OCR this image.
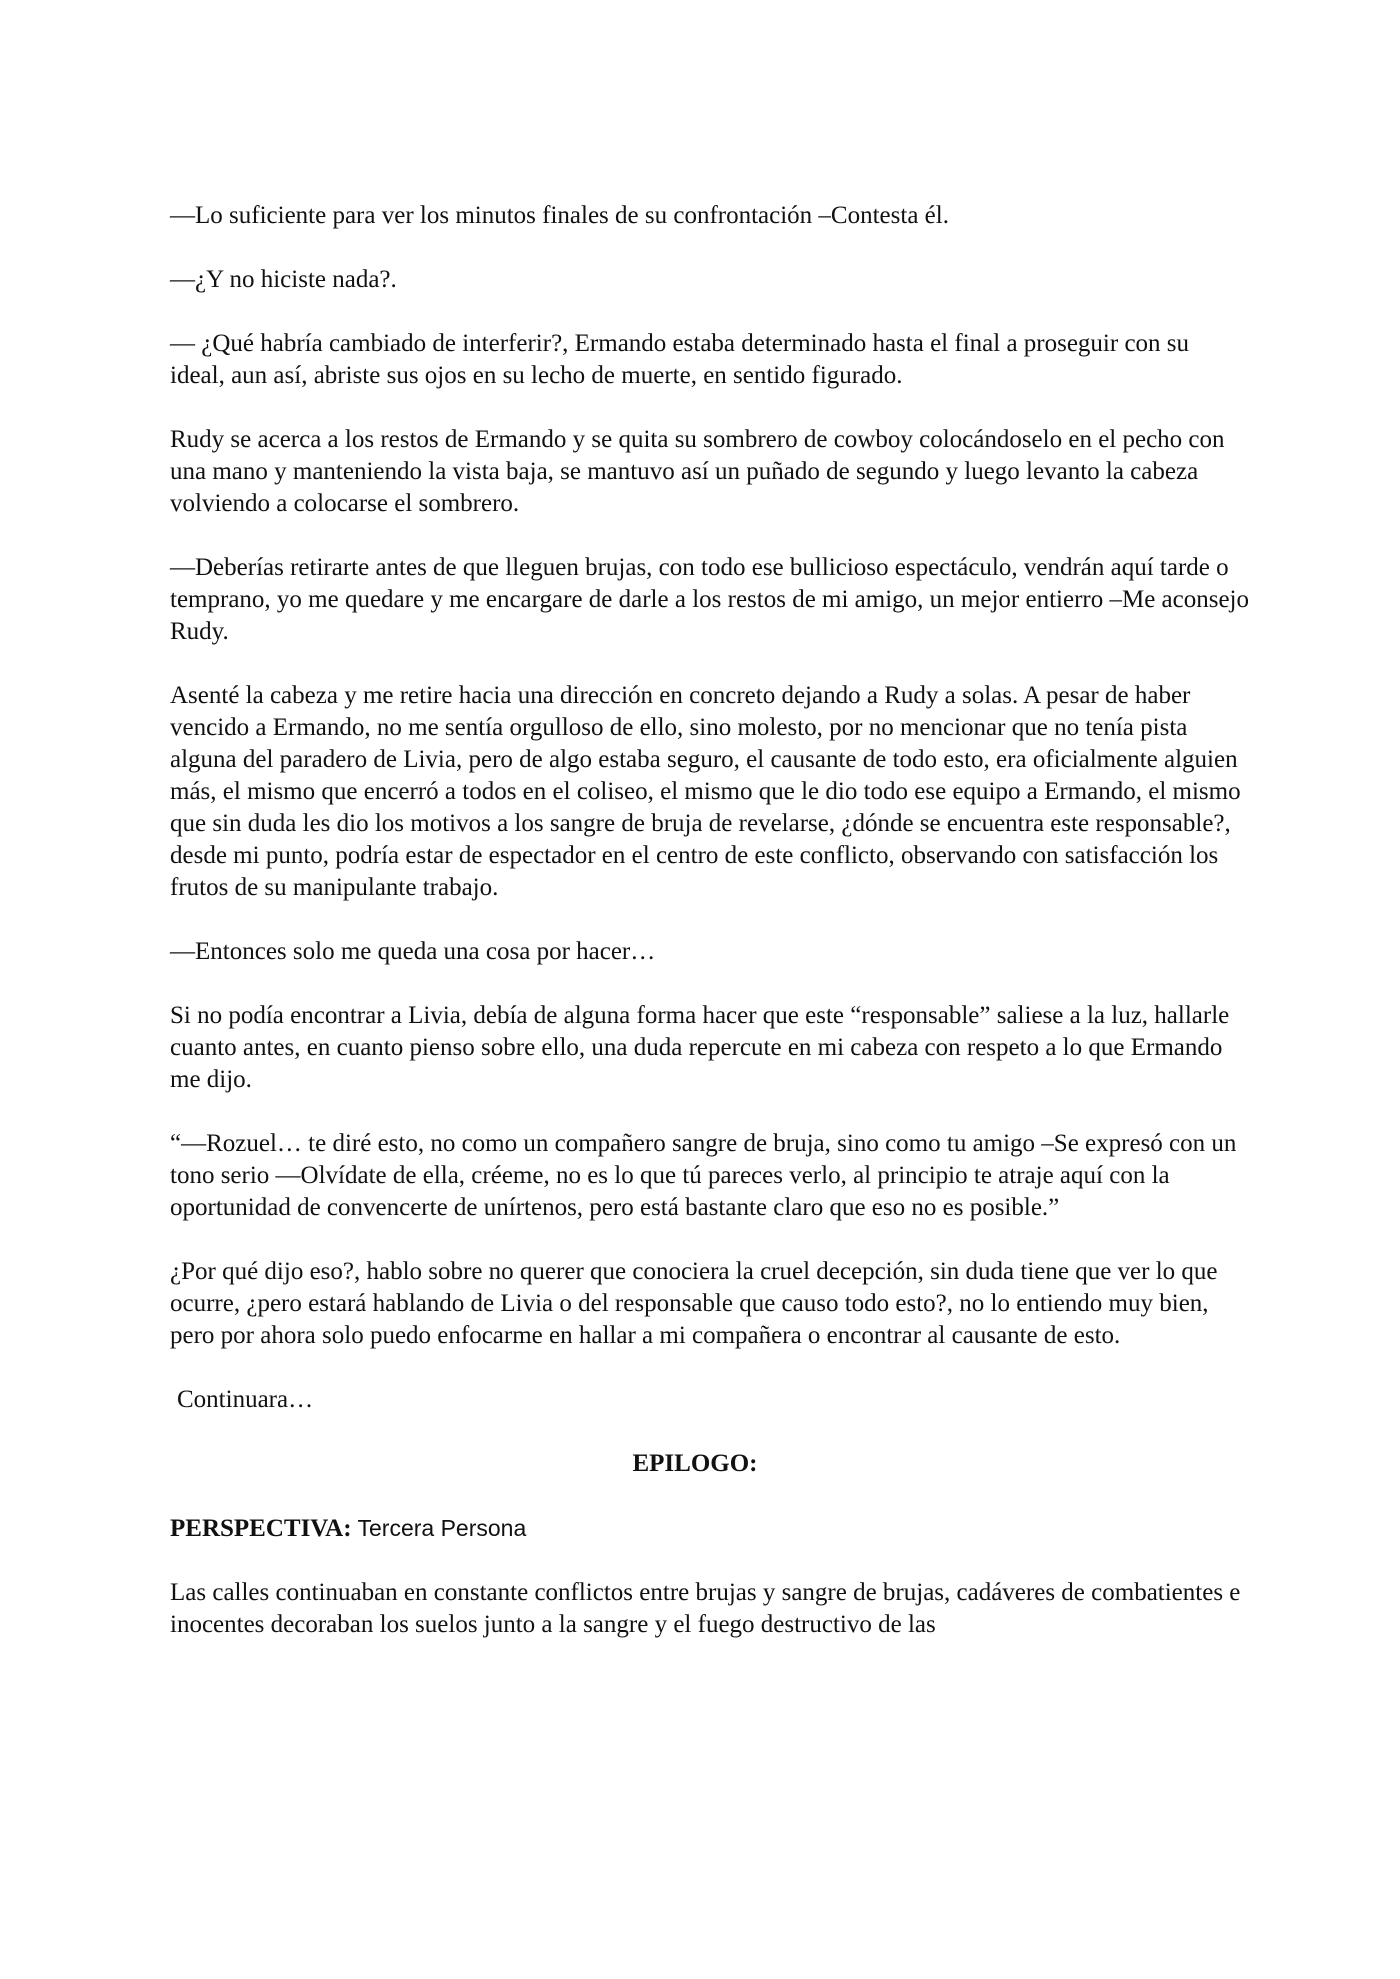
—Lo suficiente para ver los minutos finales de su confrontación –Contesta él.

—¿Y no hiciste nada?.

— ¿Qué habría cambiado de interferir?, Ermando estaba determinado hasta el final a proseguir con su ideal, aun así, abriste sus ojos en su lecho de muerte, en sentido figurado.

Rudy se acerca a los restos de Ermando y se quita su sombrero de cowboy colocándoselo en el pecho con una mano y manteniendo la vista baja, se mantuvo así un puñado de segundo y luego levanto la cabeza volviendo a colocarse el sombrero.

—Deberías retirarte antes de que lleguen brujas, con todo ese bullicioso espectáculo, vendrán aquí tarde o temprano, yo me quedare y me encargare de darle a los restos de mi amigo, un mejor entierro –Me aconsejo Rudy.

Asenté la cabeza y me retire hacia una dirección en concreto dejando a Rudy a solas. A pesar de haber vencido a Ermando, no me sentía orgulloso de ello, sino molesto, por no mencionar que no tenía pista alguna del paradero de Livia, pero de algo estaba seguro, el causante de todo esto, era oficialmente alguien más, el mismo que encerró a todos en el coliseo, el mismo que le dio todo ese equipo a Ermando, el mismo que sin duda les dio los motivos a los sangre de bruja de revelarse, ¿dónde se encuentra este responsable?, desde mi punto, podría estar de espectador en el centro de este conflicto, observando con satisfacción los frutos de su manipulante trabajo.

—Entonces solo me queda una cosa por hacer…

Si no podía encontrar a Livia, debía de alguna forma hacer que este “responsable” saliese a la luz, hallarle cuanto antes, en cuanto pienso sobre ello, una duda repercute en mi cabeza con respeto a lo que Ermando me dijo.

“—Rozuel… te diré esto, no como un compañero sangre de bruja, sino como tu amigo –Se expresó con un tono serio —Olvídate de ella, créeme, no es lo que tú pareces verlo, al principio te atraje aquí con la oportunidad de convencerte de unírtenos, pero está bastante claro que eso no es posible.”

¿Por qué dijo eso?, hablo sobre no querer que conociera la cruel decepción, sin duda tiene que ver lo que ocurre, ¿pero estará hablando de Livia o del responsable que causo todo esto?, no lo entiendo muy bien, pero por ahora solo puedo enfocarme en hallar a mi compañera o encontrar al causante de esto.

Continuara…

EPILOGO:

PERSPECTIVA: Tercera Persona

Las calles continuaban en constante conflictos entre brujas y sangre de brujas, cadáveres de combatientes e inocentes decoraban los suelos junto a la sangre y el fuego destructivo de las
